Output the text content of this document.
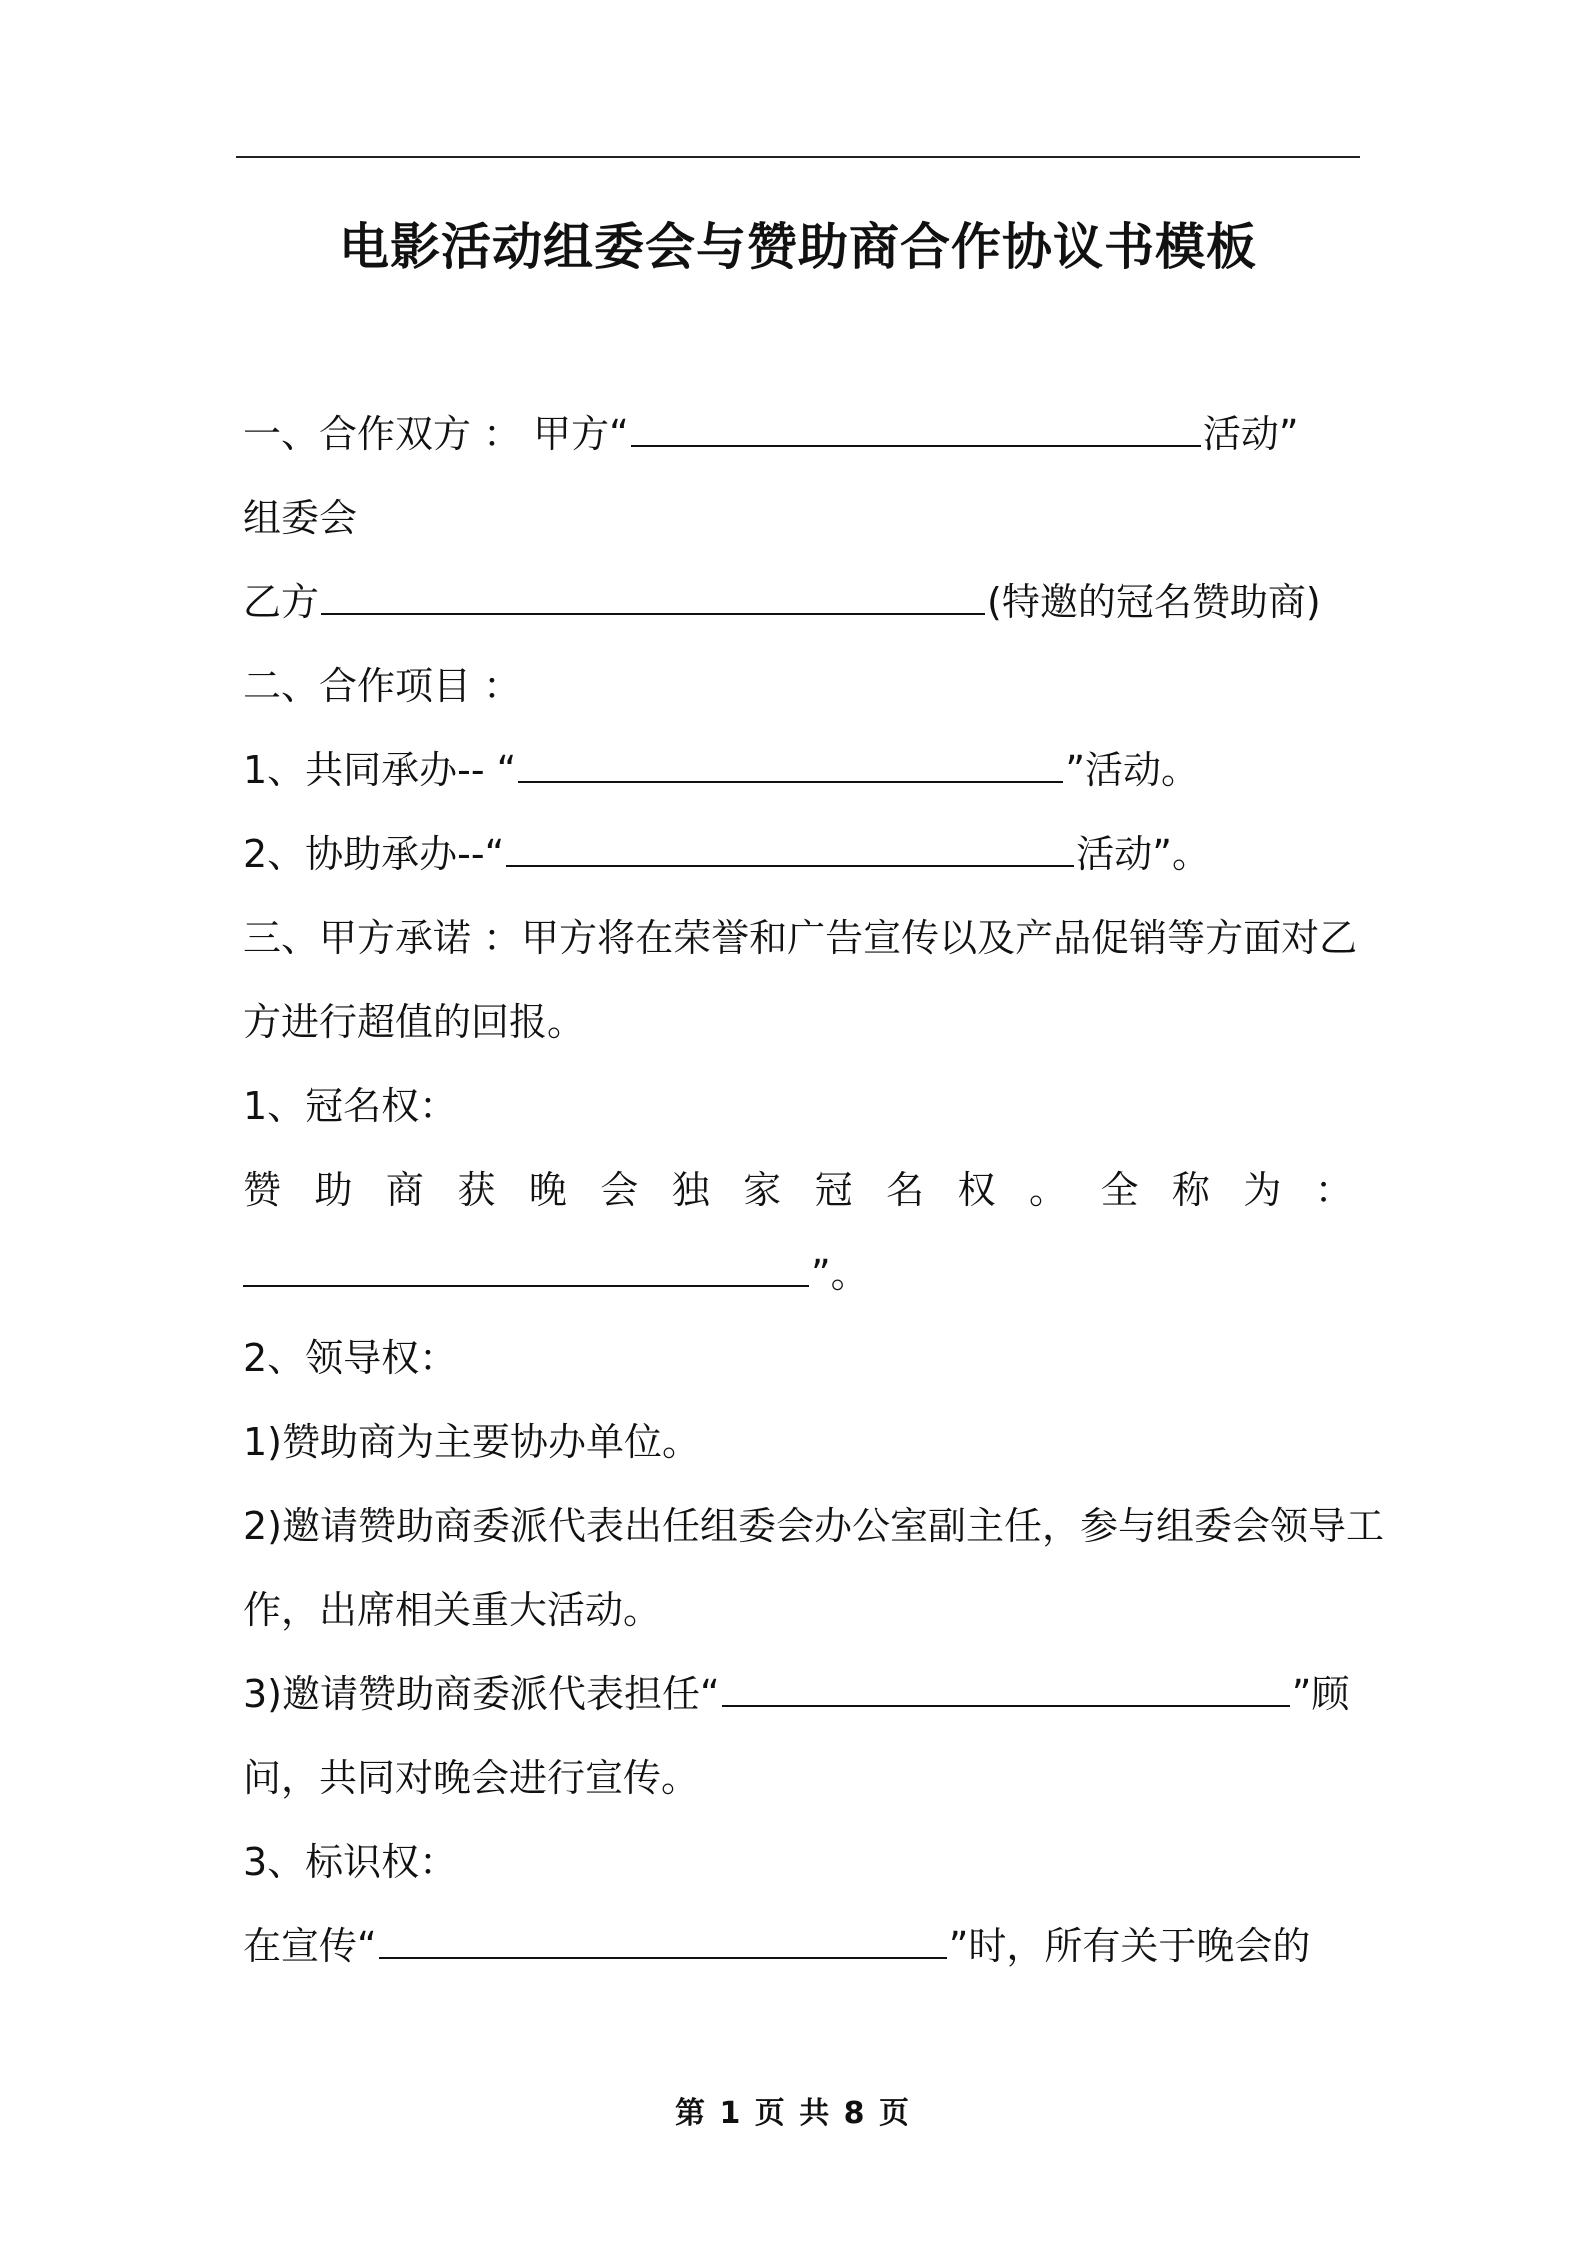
电影活动组委会与赞助商合作协议书模板
一、合作双方 ： 甲方“	活动”
组委会
乙方	(特邀的冠名赞助商)
二、合作项目 ：
1、共同承办-- “	”活动。
2、协助承办--“	活动”。
三、甲方承诺 ：甲方将在荣誉和广告宣传以及产品促销等方面对乙
方进行超值的回报。
1、冠名权：
赞 助 商 获 晚 会 独 家 冠 名 权 。 全 称 为 ：
”。
2、领导权：
1)赞助商为主要协办单位。
2)邀请赞助商委派代表出任组委会办公室副主任，参与组委会领导工
作，出席相关重大活动。
3)邀请赞助商委派代表担任“	”顾
问，共同对晚会进行宣传。
3、标识权：
在宣传“	”时，所有关于晚会的
第 1 页 共 8 页
